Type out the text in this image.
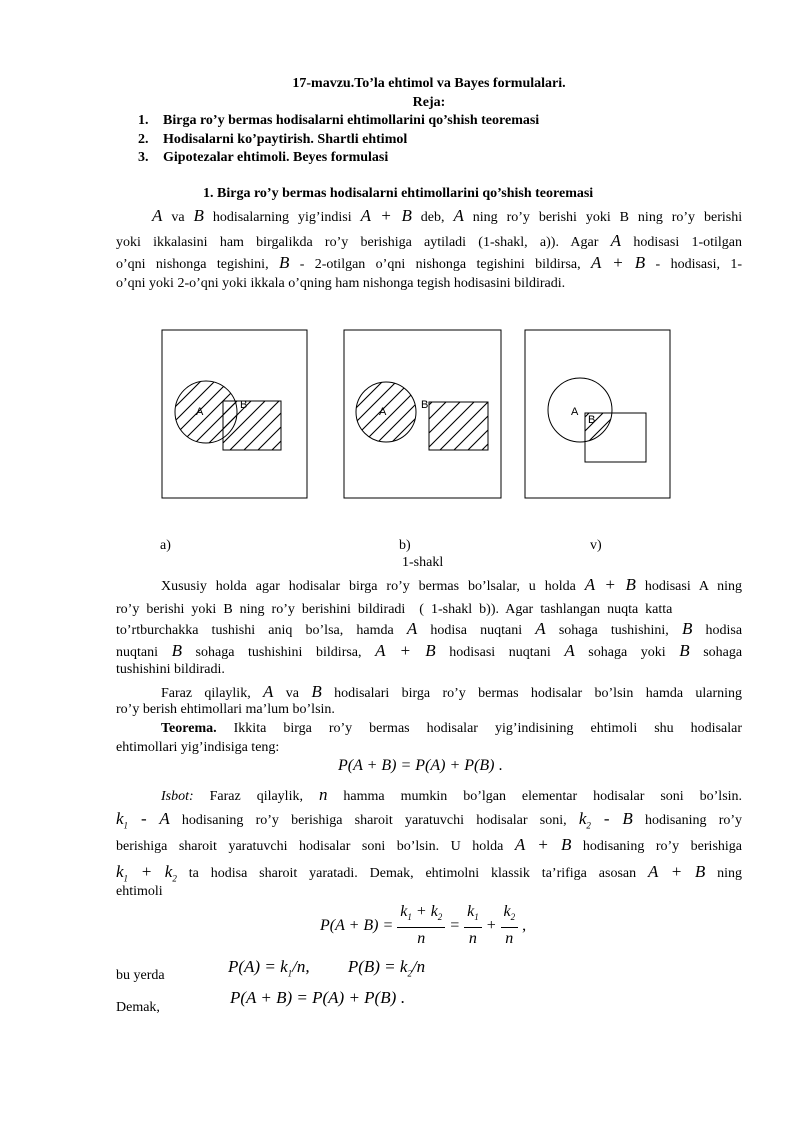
17-mavzu.To’la ehtimol va Bayes formulalari.
Reja:
1. Birga ro’y bermas hodisalarni ehtimollarini qo’shish teoremasi
2. Hodisalarni ko’paytirish. Shartli ehtimol
3. Gipotezalar ehtimoli. Beyes formulasi
1. Birga ro’y bermas hodisalarni ehtimollarini qo’shish teoremasi
A va B hodisalarning yig’indisi A + B deb, A ning ro’y berishi yoki B ning ro’y berishi
yoki ikkalasini ham birgalikda ro’y berishiga aytiladi (1-shakl, a)). Agar A hodisasi 1-otilgan
o’qni nishonga tegishini, B - 2-otilgan o’qni nishonga tegishini bildirsa, A + B - hodisasi, 1-
o’qni yoki 2-o’qni yoki ikkala o’qning ham nishonga tegish hodisasini bildiradi.
A
B
A
B
A
B
a)	b)	v)
1-shakl
Xususiy holda agar hodisalar birga ro’y bermas bo’lsalar, u holda A + B hodisasi A ning
ro’y  berishi  yoki  B  ning  ro’y  berishini  bildiradi    (  1-shakl  b)).  Agar  tashlangan  nuqta  katta
to’rtburchakka tushishi aniq bo’lsa, hamda A hodisa nuqtani A sohaga tushishini, B hodisa
nuqtani B sohaga tushishini bildirsa, A + B hodisasi nuqtani A sohaga yoki B sohaga
tushishini bildiradi.
Faraz qilaylik, A va B hodisalari birga ro’y bermas hodisalar bo’lsin hamda ularning
ro’y berish ehtimollari ma’lum bo’lsin.
Teorema. Ikkita birga ro’y bermas hodisalar yig’indisining ehtimoli shu hodisalar
ehtimollari yig’indisiga teng:
P(A + B) = P(A) + P(B) .
Isbot: Faraz qilaylik, n hamma mumkin bo’lgan elementar hodisalar soni bo’lsin.
$k_1$ - A hodisaning ro’y berishiga sharoit yaratuvchi hodisalar soni, $k_2$ - B hodisaning ro’y
berishiga sharoit yaratuvchi hodisalar soni bo’lsin. U holda A + B hodisaning ro’y berishiga
$k_1 + k_2$ ta hodisa sharoit yaratadi. Demak, ehtimolni klassik ta’rifiga asosan A + B ning
ehtimoli
$P(A + B) = \frac{k_1 + k_2}{n} = \frac{k_1}{n} + \frac{k_2}{n}$ ,
bu yerda	$P(A) = k_1/n$,         $P(B) = k_2/n$
Demak,
P(A + B) = P(A) + P(B) .
